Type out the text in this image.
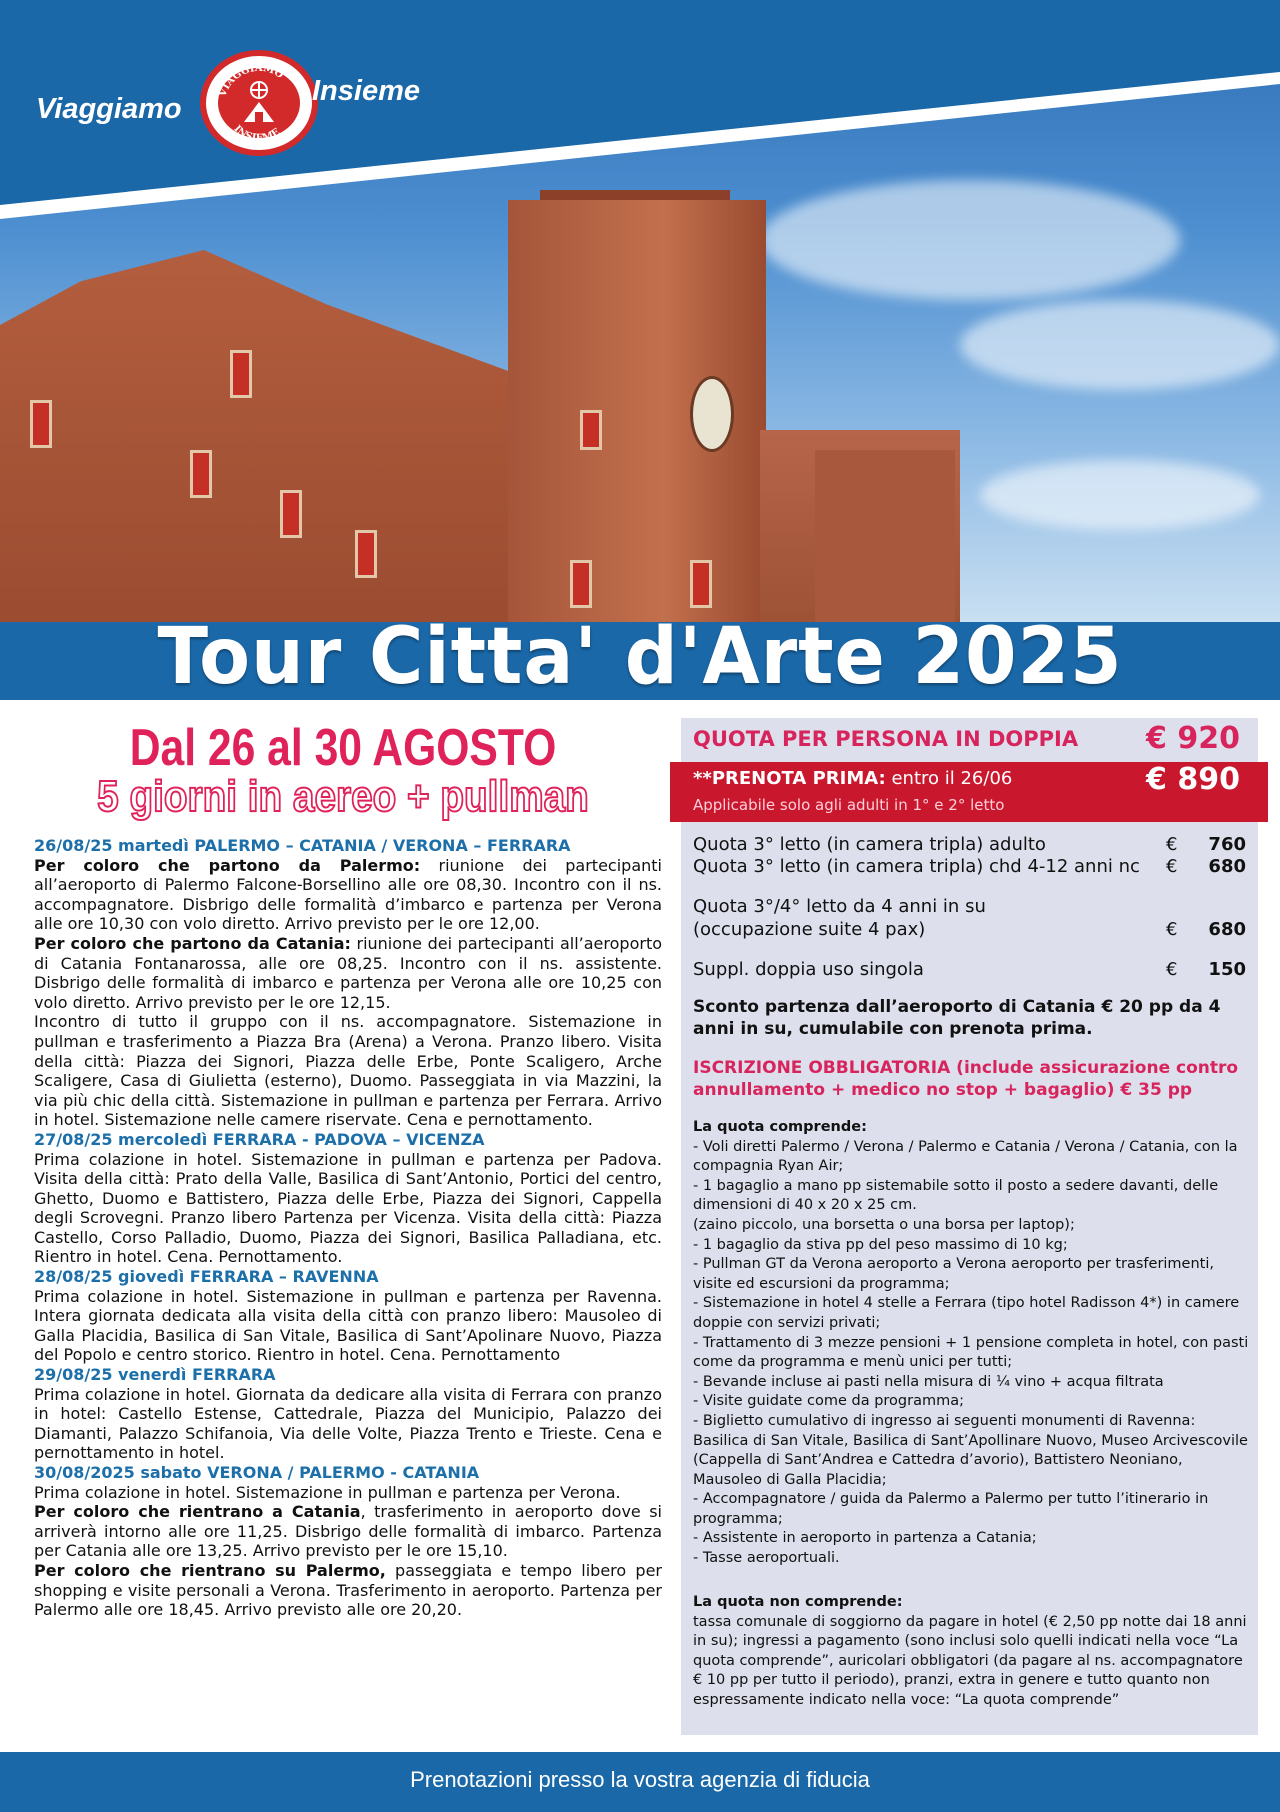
Viaggiamo
VIAGGIAMO
INSIEME
Insieme
Tour Citta' d'Arte 2025
Dal 26 al 30 AGOSTO
5 giorni in aereo + pullman
26/08/25 martedì PALERMO – CATANIA / VERONA – FERRARA

Per coloro che partono da Palermo: riunione dei partecipanti all’aeroporto di Palermo Falcone-Borsellino alle ore 08,30. Incontro con il ns. accompagnatore. Disbrigo delle formalità d’imbarco e partenza per Verona alle ore 10,30 con volo diretto. Arrivo previsto per le ore 12,00.

Per coloro che partono da Catania: riunione dei partecipanti all’aeroporto di Catania Fontanarossa, alle ore 08,25. Incontro con il ns. assistente. Disbrigo delle formalità di imbarco e partenza per Verona alle ore 10,25 con volo diretto. Arrivo previsto per le ore 12,15.

Incontro di tutto il gruppo con il ns. accompagnatore. Sistemazione in pullman e trasferimento a Piazza Bra (Arena) a Verona. Pranzo libero. Visita della città: Piazza dei Signori, Piazza delle Erbe, Ponte Scaligero, Arche Scaligere, Casa di Giulietta (esterno), Duomo. Passeggiata in via Mazzini, la via più chic della città. Sistemazione in pullman e partenza per Ferrara. Arrivo in hotel. Sistemazione nelle camere riservate. Cena e pernottamento.

27/08/25 mercoledì FERRARA - PADOVA – VICENZA

Prima colazione in hotel. Sistemazione in pullman e partenza per Padova. Visita della città: Prato della Valle, Basilica di Sant’Antonio, Portici del centro, Ghetto, Duomo e Battistero, Piazza delle Erbe, Piazza dei Signori, Cappella degli Scrovegni. Pranzo libero Partenza per Vicenza. Visita della città: Piazza Castello, Corso Palladio, Duomo, Piazza dei Signori, Basilica Palladiana, etc. Rientro in hotel. Cena. Pernottamento.

28/08/25 giovedì FERRARA – RAVENNA

Prima colazione in hotel. Sistemazione in pullman e partenza per Ravenna. Intera giornata dedicata alla visita della città con pranzo libero: Mausoleo di Galla Placidia, Basilica di San Vitale, Basilica di Sant’Apolinare Nuovo, Piazza del Popolo e centro storico. Rientro in hotel. Cena. Pernottamento

29/08/25 venerdì FERRARA

Prima colazione in hotel. Giornata da dedicare alla visita di Ferrara con pranzo in hotel: Castello Estense, Cattedrale, Piazza del Municipio, Palazzo dei Diamanti, Palazzo Schifanoia, Via delle Volte, Piazza Trento e Trieste. Cena e pernottamento in hotel.

30/08/2025 sabato VERONA / PALERMO - CATANIA

Prima colazione in hotel. Sistemazione in pullman e partenza per Verona.

Per coloro che rientrano a Catania, trasferimento in aeroporto dove si arriverà intorno alle ore 11,25. Disbrigo delle formalità di imbarco. Partenza per Catania alle ore 13,25. Arrivo previsto per le ore 15,10.

Per coloro che rientrano su Palermo, passeggiata e tempo libero per shopping e visite personali a Verona. Trasferimento in aeroporto. Partenza per Palermo alle ore 18,45. Arrivo previsto alle ore 20,20.

QUOTA PER PERSONA IN DOPPIA € 920
**PRENOTA PRIMA: entro il 26/06
Applicabile solo agli adulti in 1° e 2° letto
€ 890
Quota 3° letto (in camera tripla) adulto	€ 760
Quota 3° letto (in camera tripla) chd 4-12 anni nc	€ 680
Quota 3°/4° letto da 4 anni in su
(occupazione suite 4 pax)	€ 680
Suppl. doppia uso singola	€ 150
Sconto partenza dall’aeroporto di Catania € 20 pp da 4 anni in su, cumulabile con prenota prima.
ISCRIZIONE OBBLIGATORIA (include assicurazione contro annullamento + medico no stop + bagaglio) € 35 pp
La quota comprende:
- Voli diretti Palermo / Verona / Palermo e Catania / Verona / Catania, con la compagnia Ryan Air;
- 1 bagaglio a mano pp sistemabile sotto il posto a sedere davanti, delle dimensioni di 40 x 20 x 25 cm.
(zaino piccolo, una borsetta o una borsa per laptop);
- 1 bagaglio da stiva pp del peso massimo di 10 kg;
- Pullman GT da Verona aeroporto a Verona aeroporto per trasferimenti, visite ed escursioni da programma;
- Sistemazione in hotel 4 stelle a Ferrara (tipo hotel Radisson 4*) in camere doppie con servizi privati;
- Trattamento di 3 mezze pensioni + 1 pensione completa in hotel, con pasti come da programma e menù unici per tutti;
- Bevande incluse ai pasti nella misura di ¼ vino + acqua filtrata
- Visite guidate come da programma;
- Biglietto cumulativo di ingresso ai seguenti monumenti di Ravenna: Basilica di San Vitale, Basilica di Sant’Apollinare Nuovo, Museo Arcivescovile (Cappella di Sant’Andrea e Cattedra d’avorio), Battistero Neoniano, Mausoleo di Galla Placidia;
- Accompagnatore / guida da Palermo a Palermo per tutto l’itinerario in programma;
- Assistente in aeroporto in partenza a Catania;
- Tasse aeroportuali.
La quota non comprende:
tassa comunale di soggiorno da pagare in hotel (€ 2,50 pp notte dai 18 anni in su); ingressi a pagamento (sono inclusi solo quelli indicati nella voce “La quota comprende”, auricolari obbligatori (da pagare al ns. accompagnatore € 10 pp per tutto il periodo), pranzi, extra in genere e tutto quanto non espressamente indicato nella voce: “La quota comprende”
Prenotazioni presso la vostra agenzia di fiducia
